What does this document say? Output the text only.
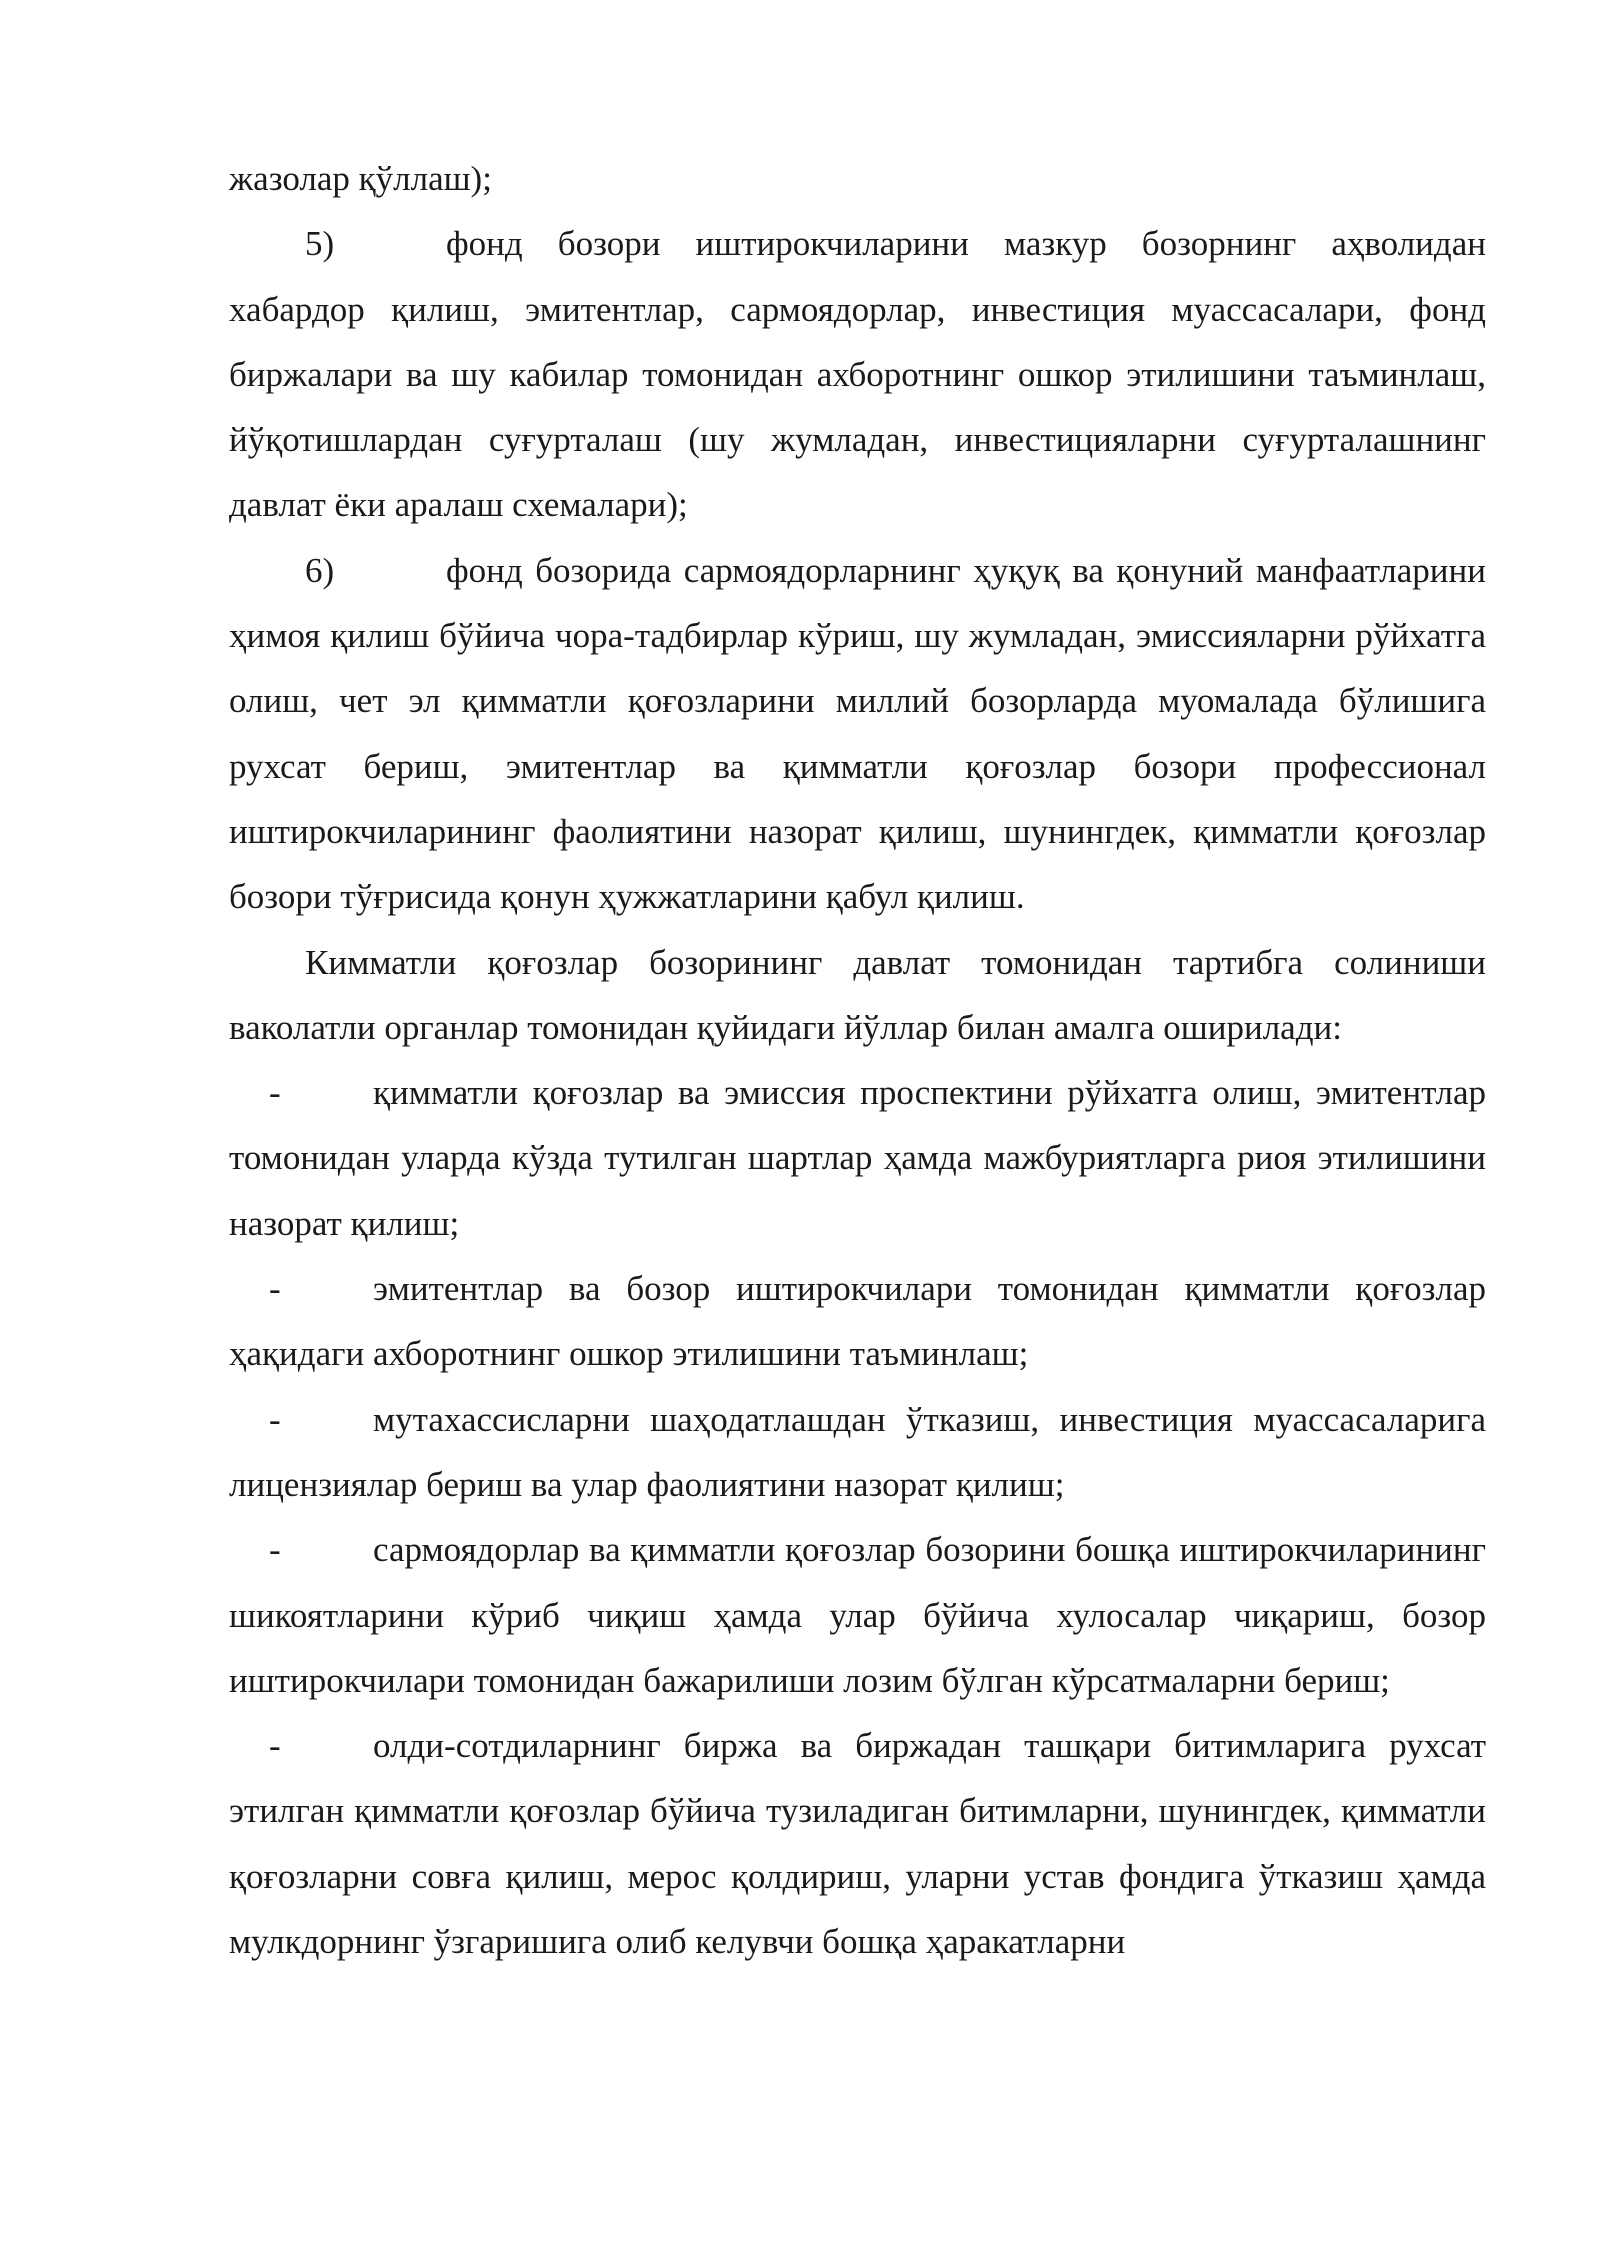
жазолар қўллаш);

5)	фонд бозори иштирокчиларини мазкур бозорнинг аҳволидан хабардор қилиш, эмитентлар, сармоядорлар, инвестиция муассасалари, фонд биржалари ва шу кабилар томонидан ахборотнинг ошкор этилишини таъминлаш, йўқотишлардан суғурталаш (шу жумладан, инвестицияларни суғурталашнинг давлат ёки аралаш схемалари);

6)	фонд бозорида сармоядорларнинг ҳуқуқ ва қонуний манфаатларини ҳимоя қилиш бўйича чора-тадбирлар кўриш, шу жумладан, эмиссияларни рўйхатга олиш, чет эл қимматли қоғозларини миллий бозорларда муомалада бўлишига рухсат бериш, эмитентлар ва қимматли қоғозлар бозори профессионал иштирокчиларининг фаолиятини назорат қилиш, шунингдек, қимматли қоғозлар бозори тўғрисида қонун ҳужжатларини қабул қилиш.

Кимматли қоғозлар бозорининг давлат томонидан тартибга солиниши ваколатли органлар томонидан қуйидаги йўллар билан амалга оширилади:

-	қимматли қоғозлар ва эмиссия проспектини рўйхатга олиш, эмитентлар томонидан уларда кўзда тутилган шартлар ҳамда мажбуриятларга риоя этилишини назорат қилиш;

-	эмитентлар ва бозор иштирокчилари томонидан қимматли қоғозлар ҳақидаги ахборотнинг ошкор этилишини таъминлаш;

-	мутахассисларни шаҳодатлашдан ўтказиш, инвестиция муассасаларига лицензиялар бериш ва улар фаолиятини назорат қилиш;

-	сармоядорлар ва қимматли қоғозлар бозорини бошқа иштирокчиларининг шикоятларини кўриб чиқиш ҳамда улар бўйича хулосалар чиқариш, бозор иштирокчилари томонидан бажарилиши лозим бўлган кўрсатмаларни бериш;

-	олди-сотдиларнинг биржа ва биржадан ташқари битимларига рухсат этилган қимматли қоғозлар бўйича тузиладиган битимларни, шунингдек, қимматли қоғозларни совға қилиш, мерос қолдириш, уларни устав фондига ўтказиш ҳамда мулкдорнинг ўзгаришига олиб келувчи бошқа ҳаракатларни
